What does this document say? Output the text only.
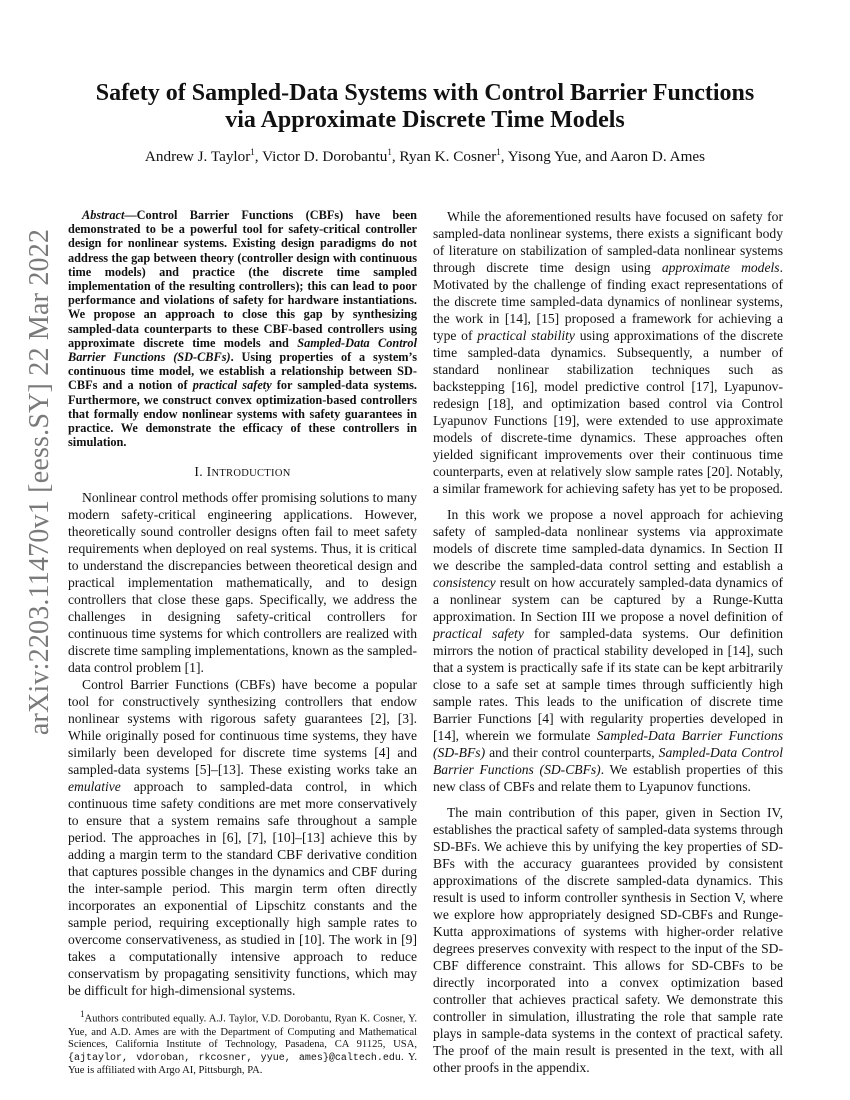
arXiv:2203.11470v1 [eess.SY] 22 Mar 2022
Safety of Sampled-Data Systems with Control Barrier Functions
via Approximate Discrete Time Models
Andrew J. Taylor$^1$, Victor D. Dorobantu$^1$, Ryan K. Cosner$^1$, Yisong Yue, and Aaron D. Ames

Abstract—Control Barrier Functions (CBFs) have been demonstrated to be a powerful tool for safety-critical controller design for nonlinear systems. Existing design paradigms do not address the gap between theory (controller design with continuous time models) and practice (the discrete time sampled implementation of the resulting controllers); this can lead to poor performance and violations of safety for hardware instantiations. We propose an approach to close this gap by synthesizing sampled-data counterparts to these CBF-based controllers using approximate discrete time models and Sampled-Data Control Barrier Functions (SD-CBFs). Using properties of a system’s continuous time model, we establish a relationship between SD-CBFs and a notion of practical safety for sampled-data systems. Furthermore, we construct convex optimization-based controllers that formally endow nonlinear systems with safety guarantees in practice. We demonstrate the efficacy of these controllers in simulation.

I. INTRODUCTION

Nonlinear control methods offer promising solutions to many modern safety-critical engineering applications. However, theoretically sound controller designs often fail to meet safety requirements when deployed on real systems. Thus, it is critical to understand the discrepancies between theoretical design and practical implementation mathematically, and to design controllers that close these gaps. Specifically, we address the challenges in designing safety-critical controllers for continuous time systems for which controllers are realized with discrete time sampling implementations, known as the sampled-data control problem [1].

Control Barrier Functions (CBFs) have become a popular tool for constructively synthesizing controllers that endow nonlinear systems with rigorous safety guarantees [2], [3]. While originally posed for continuous time systems, they have similarly been developed for discrete time systems [4] and sampled-data systems [5]–[13]. These existing works take an emulative approach to sampled-data control, in which continuous time safety conditions are met more conservatively to ensure that a system remains safe throughout a sample period. The approaches in [6], [7], [10]–[13] achieve this by adding a margin term to the standard CBF derivative condition that captures possible changes in the dynamics and CBF during the inter-sample period. This margin term often directly incorporates an exponential of Lipschitz constants and the sample period, requiring exceptionally high sample rates to overcome conservativeness, as studied in [10]. The work in [9] takes a computationally intensive approach to reduce conservatism by propagating sensitivity functions, which may be difficult for high-dimensional systems.

$^1$Authors contributed equally. A.J. Taylor, V.D. Dorobantu, Ryan K. Cosner, Y. Yue, and A.D. Ames are with the Department of Computing and Mathematical Sciences, California Institute of Technology, Pasadena, CA 91125, USA, {ajtaylor, vdoroban, rkcosner, yyue, ames}@caltech.edu. Y. Yue is affiliated with Argo AI, Pittsburgh, PA.

While the aforementioned results have focused on safety for sampled-data nonlinear systems, there exists a significant body of literature on stabilization of sampled-data nonlinear systems through discrete time design using approximate models. Motivated by the challenge of finding exact representations of the discrete time sampled-data dynamics of nonlinear systems, the work in [14], [15] proposed a framework for achieving a type of practical stability using approximations of the discrete time sampled-data dynamics. Subsequently, a number of standard nonlinear stabilization techniques such as backstepping [16], model predictive control [17], Lyapunov-redesign [18], and optimization based control via Control Lyapunov Functions [19], were extended to use approximate models of discrete-time dynamics. These approaches often yielded significant improvements over their continuous time counterparts, even at relatively slow sample rates [20]. Notably, a similar framework for achieving safety has yet to be proposed.

In this work we propose a novel approach for achieving safety of sampled-data nonlinear systems via approximate models of discrete time sampled-data dynamics. In Section II we describe the sampled-data control setting and establish a consistency result on how accurately sampled-data dynamics of a nonlinear system can be captured by a Runge-Kutta approximation. In Section III we propose a novel definition of practical safety for sampled-data systems. Our definition mirrors the notion of practical stability developed in [14], such that a system is practically safe if its state can be kept arbitrarily close to a safe set at sample times through sufficiently high sample rates. This leads to the unification of discrete time Barrier Functions [4] with regularity properties developed in [14], wherein we formulate Sampled-Data Barrier Functions (SD-BFs) and their control counterparts, Sampled-Data Control Barrier Functions (SD-CBFs). We establish properties of this new class of CBFs and relate them to Lyapunov functions.

The main contribution of this paper, given in Section IV, establishes the practical safety of sampled-data systems through SD-BFs. We achieve this by unifying the key properties of SD-BFs with the accuracy guarantees provided by consistent approximations of the discrete sampled-data dynamics. This result is used to inform controller synthesis in Section V, where we explore how appropriately designed SD-CBFs and Runge-Kutta approximations of systems with higher-order relative degrees preserves convexity with respect to the input of the SD-CBF difference constraint. This allows for SD-CBFs to be directly incorporated into a convex optimization based controller that achieves practical safety. We demonstrate this controller in simulation, illustrating the role that sample rate plays in sample-data systems in the context of practical safety. The proof of the main result is presented in the text, with all other proofs in the appendix.
